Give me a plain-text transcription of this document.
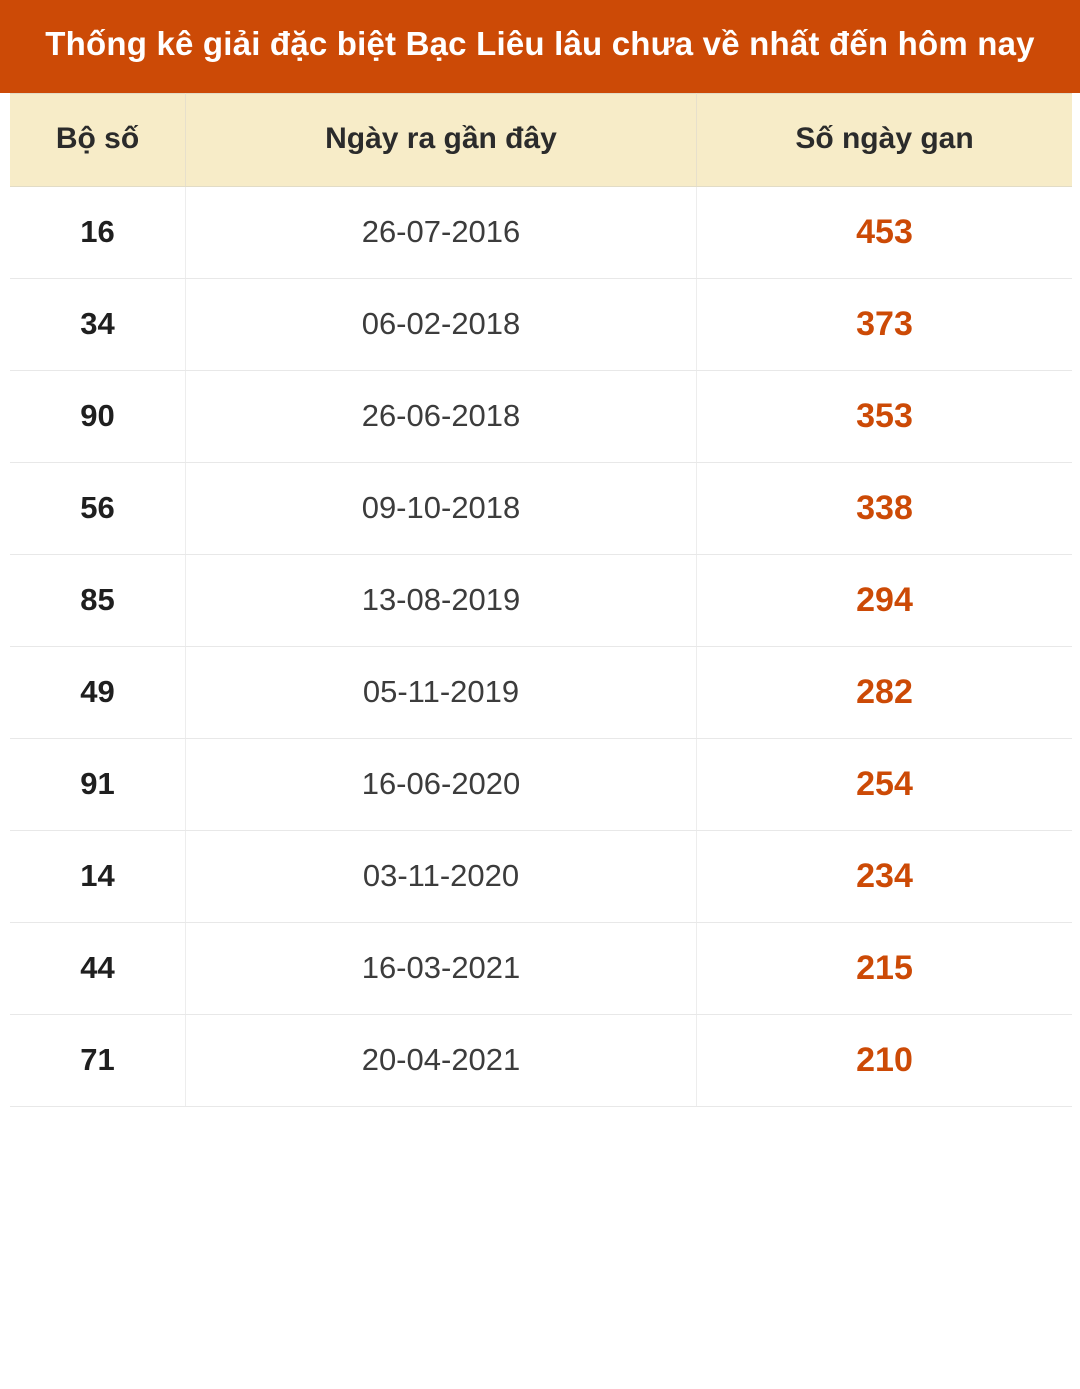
Thống kê giải đặc biệt Bạc Liêu lâu chưa về nhất đến hôm nay
Bộ số	Ngày ra gần đây	Số ngày gan
16	26-07-2016	453
34	06-02-2018	373
90	26-06-2018	353
56	09-10-2018	338
85	13-08-2019	294
49	05-11-2019	282
91	16-06-2020	254
14	03-11-2020	234
44	16-03-2021	215
71	20-04-2021	210
